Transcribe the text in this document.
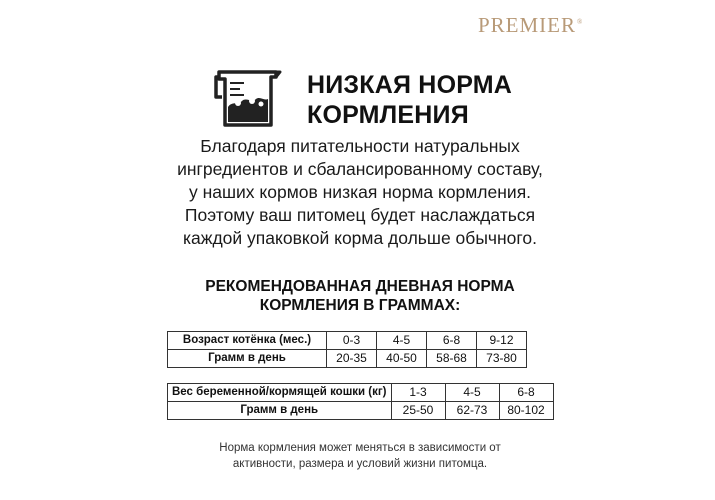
PREMIER®
НИЗКАЯ НОРМА
КОРМЛЕНИЯ
Благодаря питательности натуральных
ингредиентов и сбалансированному составу,
у наших кормов низкая норма кормления.
Поэтому ваш питомец будет наслаждаться
каждой упаковкой корма дольше обычного.
РЕКОМЕНДОВАННАЯ ДНЕВНАЯ НОРМА
КОРМЛЕНИЯ В ГРАММАХ:
Возраст котёнка (мес.)	0-3	4-5	6-8	9-12
Грамм в день	20-35	40-50	58-68	73-80
Вес беременной/кормящей кошки (кг)	1-3	4-5	6-8
Грамм в день	25-50	62-73	80-102
Норма кормления может меняться в зависимости от
активности, размера и условий жизни питомца.
